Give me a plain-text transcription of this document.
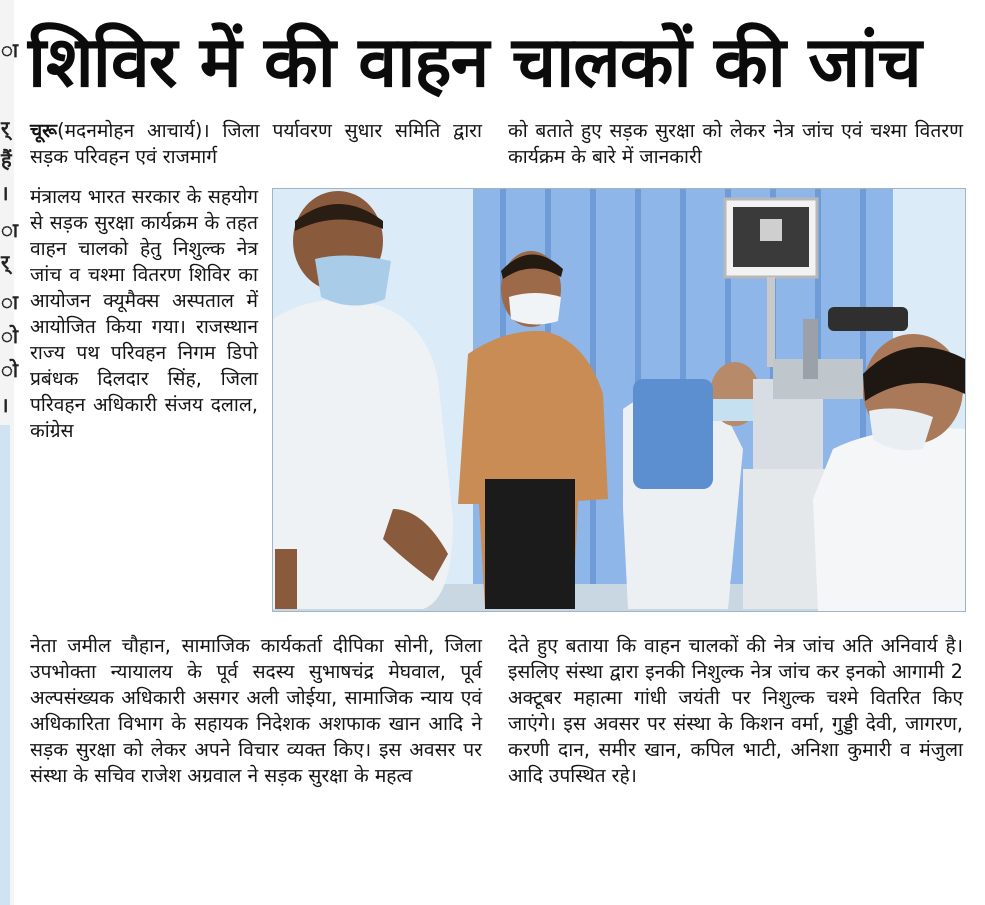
ा
र्
हैं
।
ा
र्
ा
ो
ो
।
शिविर में की वाहन चालकों की जांच

चूरू(मदनमोहन आचार्य)। जिला पर्यावरण सुधार समिति द्वारा सड़क परिवहन एवं राजमार्ग

मंत्रालय भारत सरकार के सहयोग से सड़क सुरक्षा कार्यक्रम के तहत वाहन चालको हेतु निशुल्क नेत्र जांच व चश्मा वितरण शिविर का आयोजन क्यूमैक्स अस्पताल में आयोजित किया गया। राजस्थान राज्य पथ परिवहन निगम डिपो प्रबंधक दिलदार सिंह, जिला परिवहन अधिकारी संजय दलाल, कांग्रेस

नेता जमील चौहान, सामाजिक कार्यकर्ता दीपिका सोनी, जिला उपभोक्ता न्यायालय के पूर्व सदस्य सुभाषचंद्र मेघवाल, पूर्व अल्पसंख्यक अधिकारी असगर अली जोईया, सामाजिक न्याय एवं अधिकारिता विभाग के सहायक निदेशक अशफाक खान आदि ने सड़क सुरक्षा को लेकर अपने विचार व्यक्त किए। इस अवसर पर संस्था के सचिव राजेश अग्रवाल ने सड़क सुरक्षा के महत्व

को बताते हुए सड़क सुरक्षा को लेकर नेत्र जांच एवं चश्मा वितरण कार्यक्रम के बारे में जानकारी

देते हुए बताया कि वाहन चालकों की नेत्र जांच अति अनिवार्य है। इसलिए संस्था द्वारा इनकी निशुल्क नेत्र जांच कर इनको आगामी 2 अक्टूबर महात्मा गांधी जयंती पर निशुल्क चश्मे वितरित किए जाएंगे। इस अवसर पर संस्था के किशन वर्मा, गुड्डी देवी, जागरण, करणी दान, समीर खान, कपिल भाटी, अनिशा कुमारी व मंजुला आदि उपस्थित रहे।
